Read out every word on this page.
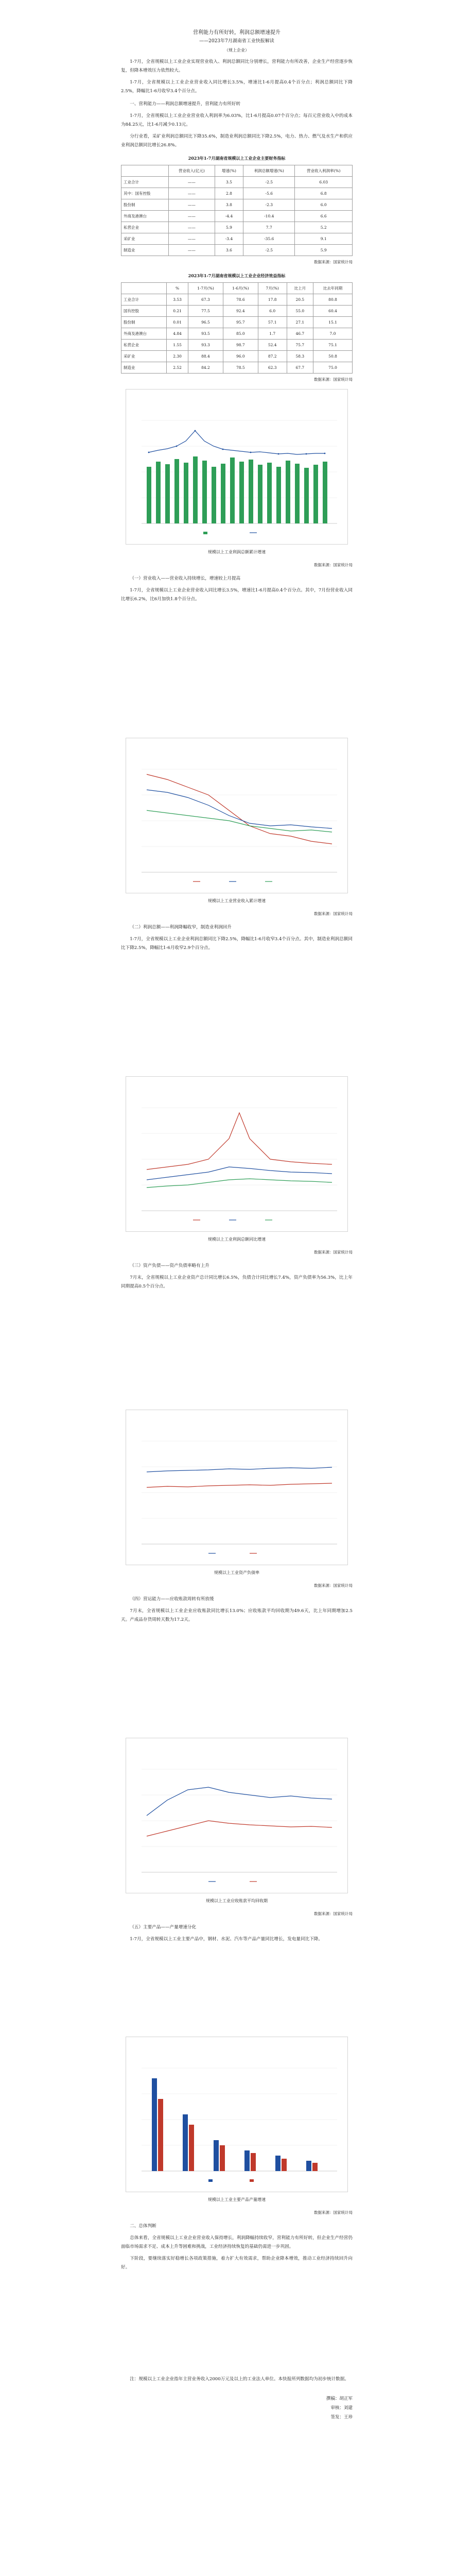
营利能力有所好转，利润总额增速提升
——2023年7月湖南省工业快报解读
（规上企业）

1-7月，全省规模以上工业企业实现营业收入、利润总额同比分别增长，营利能力有所改善，企业生产经营逐步恢复，但降本增效压力依然较大。

1-7月，全省规模以上工业企业营业收入同比增长3.5%，增速比1-6月提高0.4个百分点；利润总额同比下降2.5%，降幅比1-6月收窄3.4个百分点。

一、营利能力——利润总额增速提升，营利能力有所好转

1-7月，全省规模以上工业企业营业收入利润率为6.03%，比1-6月提高0.07个百分点；每百元营业收入中的成本为84.25元，比1-6月减少0.13元。

分行业看，采矿业利润总额同比下降35.6%，制造业利润总额同比下降2.5%，电力、热力、燃气及水生产和供应业利润总额同比增长26.8%。

2023年1-7月湖南省规模以上工业企业主要财务指标
	营业收入(亿元)	增速(%)	利润总额增速(%)	营业收入利润率(%)
工业合计	——	3.5	-2.5	6.03
其中：国有控股	——	2.8	-5.6	6.8
股份制	——	3.8	-2.3	6.0
外商及港澳台	——	-4.4	-10.4	6.6
私营企业	——	5.9	7.7	5.2
采矿业	——	-3.4	-35.6	9.1
制造业	——	3.6	-2.5	5.9
数据来源：国家统计局
2023年1-7月湖南省规模以上工业企业经济效益指标
	%	1-7月(%)	1-6月(%)	7月(%)	比上月	比去年同期
工业合计	3.53	67.3	78.6	17.8	20.5	80.8
国有控股	0.21	77.5	92.4	6.0	55.0	60.4
股份制	0.01	96.5	95.7	57.1	27.1	15.1
外商及港澳台	4.84	93.5	85.0	1.7	46.7	7.0
私营企业	1.55	93.3	98.7	52.4	75.7	75.1
采矿业	2.30	88.4	96.0	87.2	58.3	50.8
制造业	2.52	84.2	78.5	62.3	67.7	75.0
数据来源：国家统计局
规模以上工业利润总额累计增速
数据来源：国家统计局

（一）营业收入——营业收入持续增长，增速较上月提高

1-7月，全省规模以上工业企业营业收入同比增长3.5%，增速比1-6月提高0.4个百分点。其中，7月份营业收入同比增长6.2%，比6月加快1.8个百分点。

规模以上工业营业收入累计增速
数据来源：国家统计局

（二）利润总额——利润降幅收窄，制造业利润回升

1-7月，全省规模以上工业企业利润总额同比下降2.5%，降幅比1-6月收窄3.4个百分点。其中，制造业利润总额同比下降2.5%，降幅比1-6月收窄2.9个百分点。

规模以上工业利润总额同比增速
数据来源：国家统计局

（三）资产负债——资产负债率略有上升

7月末，全省规模以上工业企业资产总计同比增长6.5%，负债合计同比增长7.4%，资产负债率为56.3%，比上年同期提高0.5个百分点。

规模以上工业资产负债率
数据来源：国家统计局

（四）营运能力——应收账款周转有所放缓

7月末，全省规模以上工业企业应收账款同比增长13.0%；应收账款平均回收期为49.6天，比上年同期增加2.5天。产成品存货周转天数为17.2天。

规模以上工业应收账款平均回收期
数据来源：国家统计局

（五）主要产品——产量增速分化

1-7月，全省规模以上工业主要产品中，钢材、水泥、汽车等产品产量同比增长，发电量同比下降。

规模以上工业主要产品产量增速
数据来源：国家统计局

二、总体判断

总体来看，全省规模以上工业企业营业收入保持增长，利润降幅持续收窄，营利能力有所好转，但企业生产经营仍面临市场需求不足、成本上升等困难和挑战，工业经济持续恢复的基础仍需进一步巩固。

下阶段，要继续落实好稳增长各项政策措施，着力扩大有效需求，帮助企业降本增效，推动工业经济持续回升向好。

注：规模以上工业企业指年主营业务收入2000万元及以上的工业法人单位。本快报所列数据均为初步统计数据。

撰稿：胡正军
审核：刘建
签发：王珍
